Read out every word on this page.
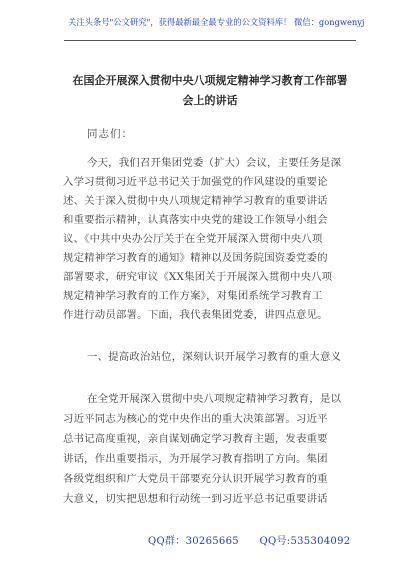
关注头条号"公文研究"，获得最新最全最专业的公文资料库！ 微信：gongwenyj
在国企开展深入贯彻中央八项规定精神学习教育工作部署
会上的讲话
同志们：
今天，我们召开集团党委（扩大）会议，主要任务是深
入学习贯彻习近平总书记关于加强党的作风建设的重要论
述、关于深入贯彻中央八项规定精神学习教育的重要讲话
和重要指示精神，认真落实中央党的建设工作领导小组会
议、《中共中央办公厅关于在全党开展深入贯彻中央八项
规定精神学习教育的通知》精神以及国务院国资委党委的
部署要求，研究审议《XX集团关于开展深入贯彻中央八项
规定精神学习教育的工作方案》，对集团系统学习教育工
作进行动员部署。下面，我代表集团党委，讲四点意见。
一、提高政治站位，深刻认识开展学习教育的重大意义
在全党开展深入贯彻中央八项规定精神学习教育，是以
习近平同志为核心的党中央作出的重大决策部署。习近平
总书记高度重视，亲自谋划确定学习教育主题，发表重要
讲话，作出重要指示，为开展学习教育指明了方向。集团
各级党组织和广大党员干部要充分认识开展学习教育的重
大意义，切实把思想和行动统一到习近平总书记重要讲话
QQ群：30265665　　QQ号:535304092
